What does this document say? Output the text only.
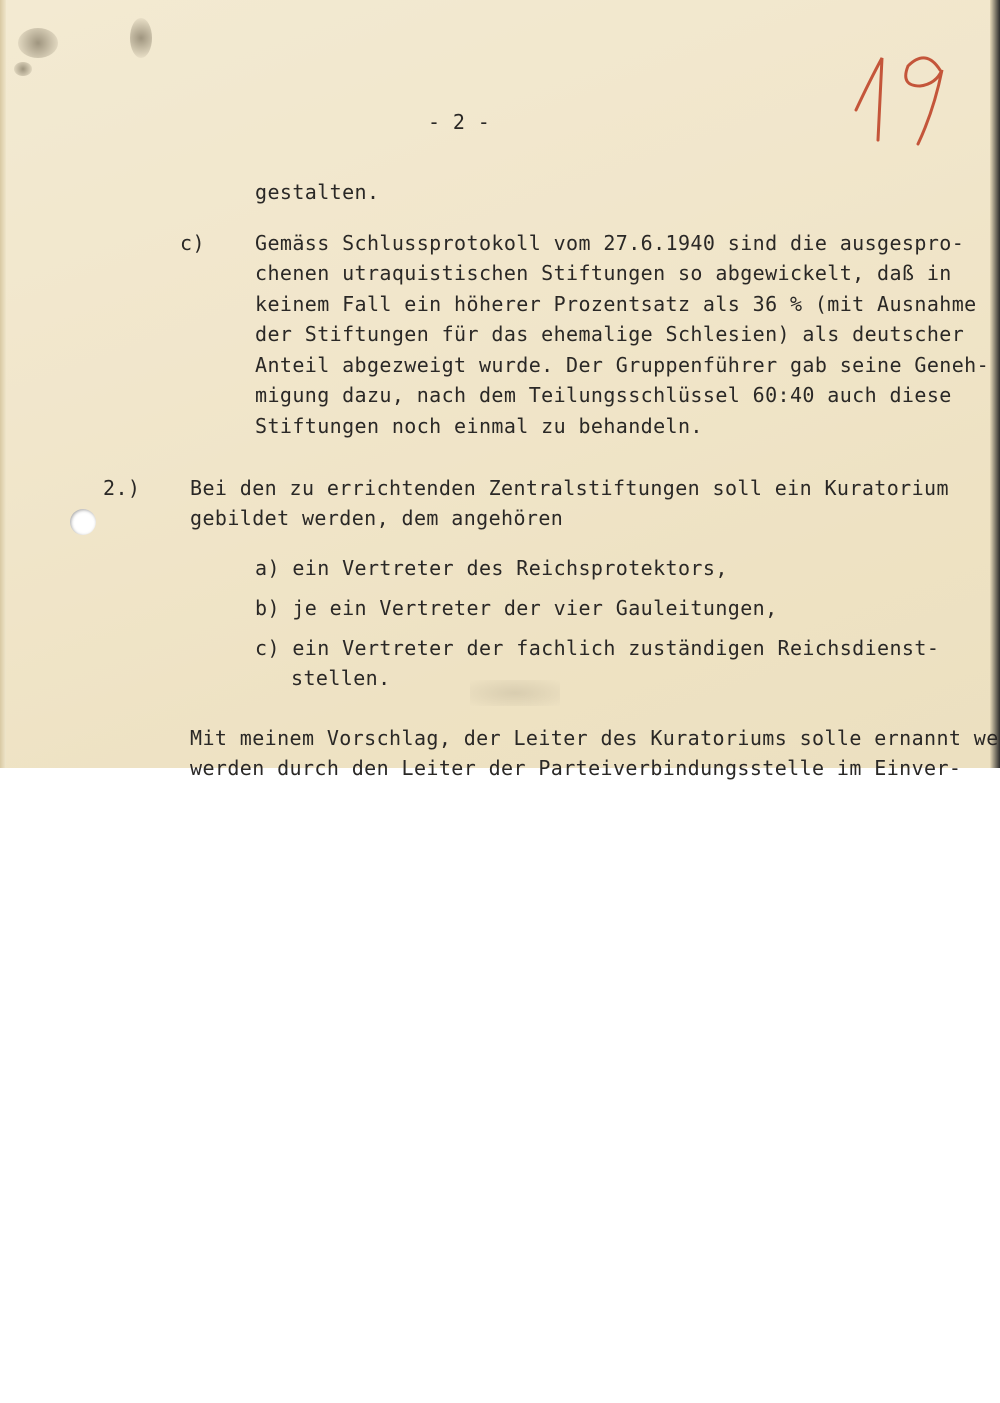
- 2 -
gestalten.
c)	Gemäss Schlussprotokoll vom 27.6.1940 sind die ausgespro-
chenen utraquistischen Stiftungen so abgewickelt, daß in
keinem Fall ein höherer Prozentsatz als 36 % (mit Ausnahme
der Stiftungen für das ehemalige Schlesien) als deutscher
Anteil abgezweigt wurde. Der Gruppenführer gab seine Geneh-
migung dazu, nach dem Teilungsschlüssel 60:40 auch diese
Stiftungen noch einmal zu behandeln.
2.) Bei den zu errichtenden Zentralstiftungen soll ein Kuratorium
gebildet werden, dem angehören
a) ein Vertreter des Reichsprotektors,
b) je ein Vertreter der vier Gauleitungen,
c) ein Vertreter der fachlich zuständigen Reichsdienst-
stellen.
Mit meinem Vorschlag, der Leiter des Kuratoriums solle ernannt we
werden durch den Leiter der Parteiverbindungsstelle im Einver-
